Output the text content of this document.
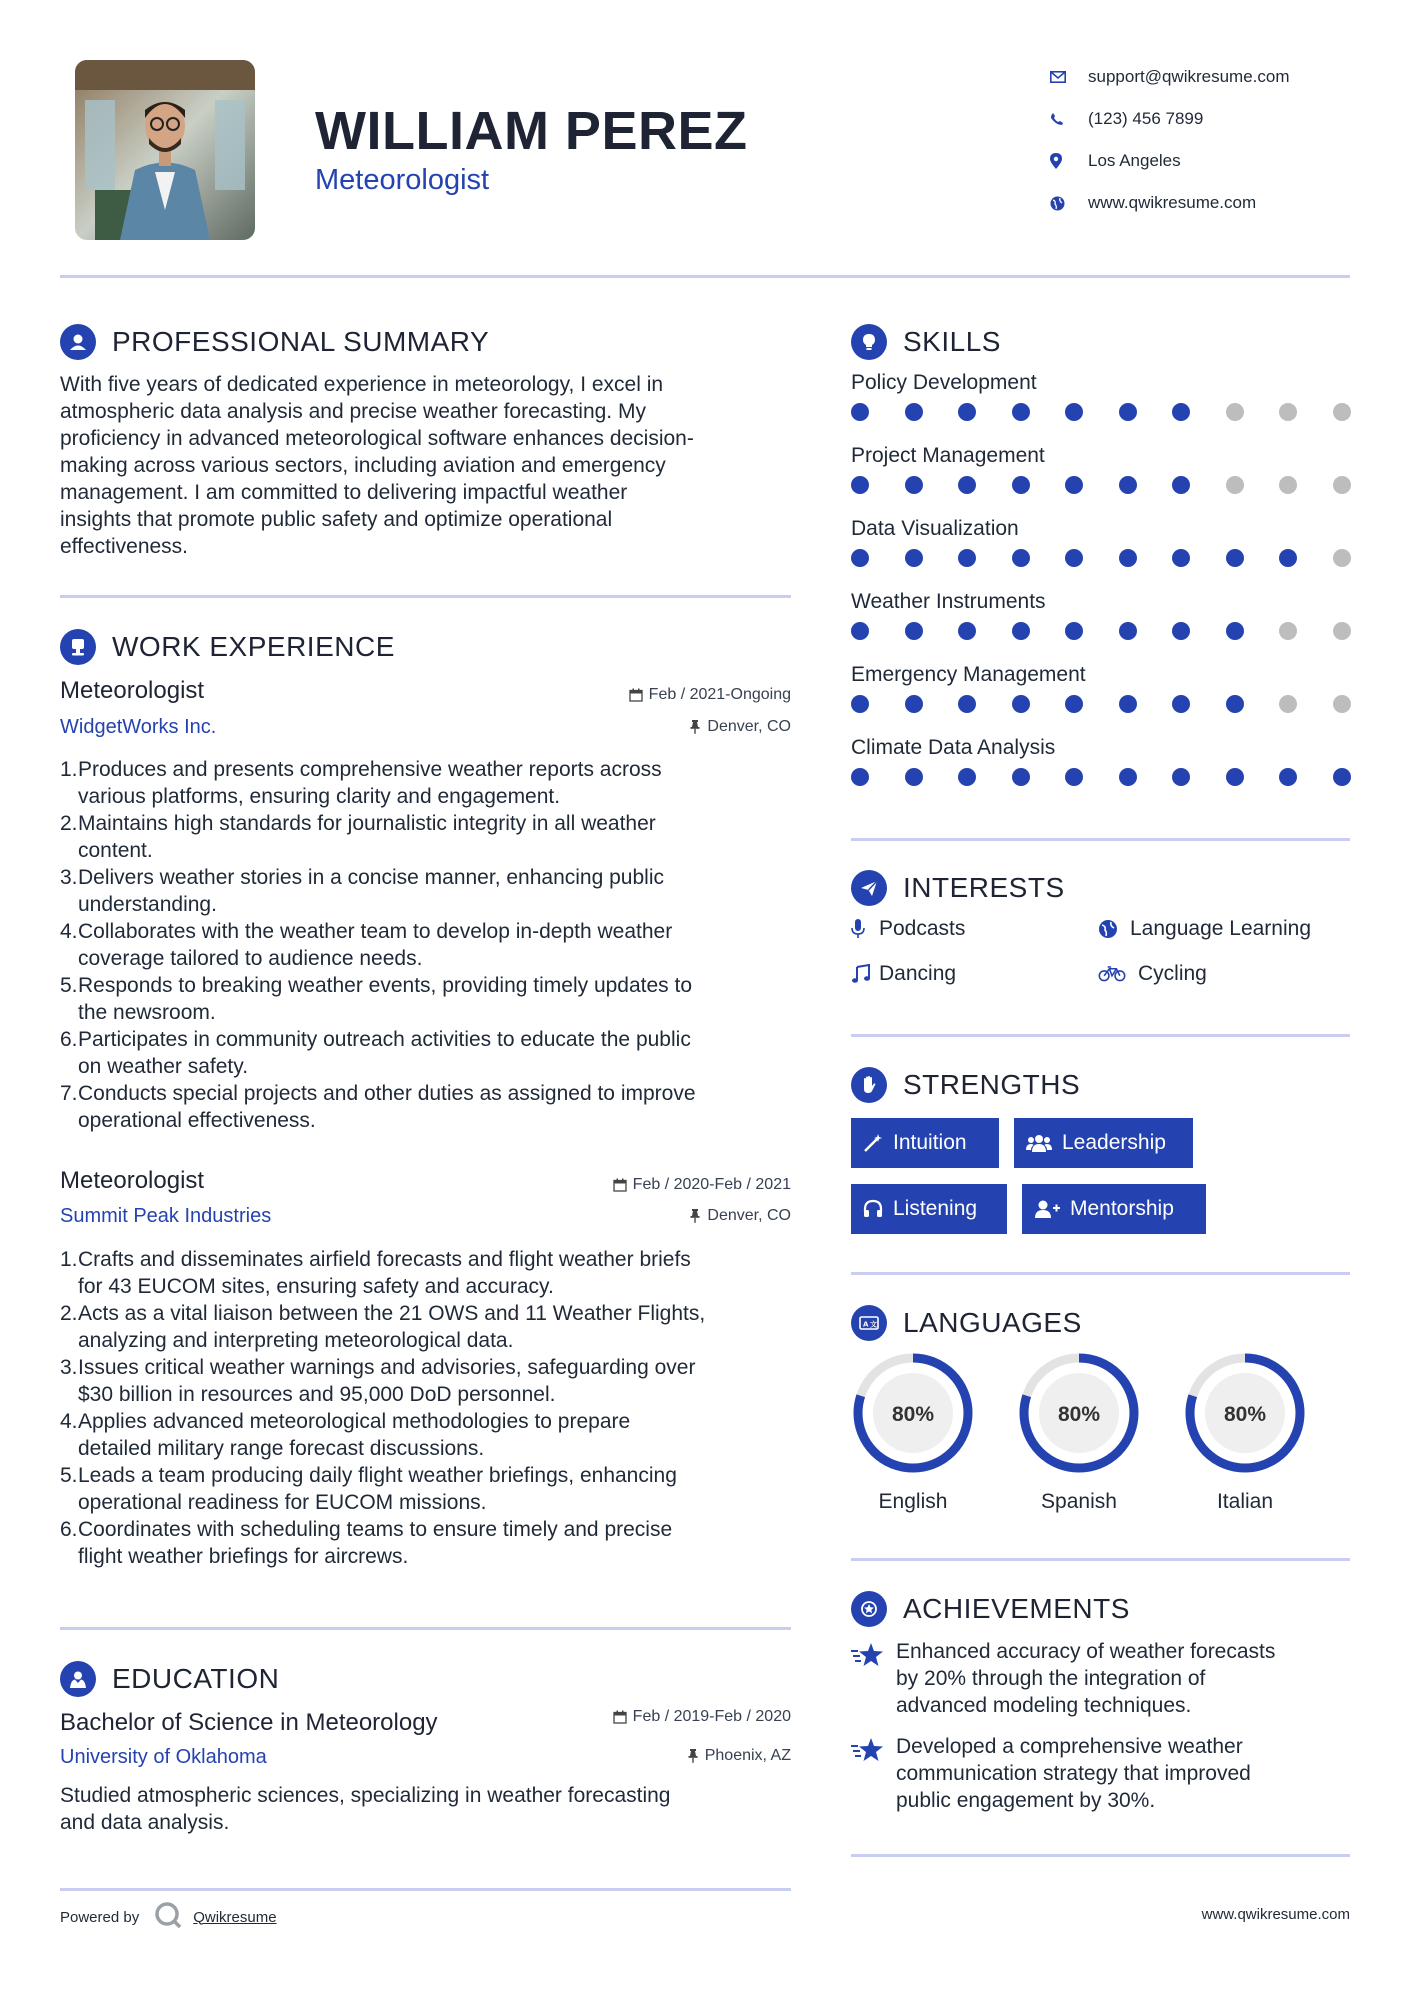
WILLIAM PEREZ
Meteorologist
support@qwikresume.com
(123) 456 7899
Los Angeles
www.qwikresume.com
PROFESSIONAL SUMMARY
With five years of dedicated experience in meteorology, I excel in
atmospheric data analysis and precise weather forecasting. My
proficiency in advanced meteorological software enhances decision-
making across various sectors, including aviation and emergency
management. I am committed to delivering impactful weather
insights that promote public safety and optimize operational
effectiveness.
WORK EXPERIENCE
Meteorologist	Feb / 2021-Ongoing
WidgetWorks Inc.	Denver, CO
1. Produces and presents comprehensive weather reports across
various platforms, ensuring clarity and engagement.
2. Maintains high standards for journalistic integrity in all weather
content.
3. Delivers weather stories in a concise manner, enhancing public
understanding.
4. Collaborates with the weather team to develop in-depth weather
coverage tailored to audience needs.
5. Responds to breaking weather events, providing timely updates to
the newsroom.
6. Participates in community outreach activities to educate the public
on weather safety.
7. Conducts special projects and other duties as assigned to improve
operational effectiveness.
Meteorologist	Feb / 2020-Feb / 2021
Summit Peak Industries	Denver, CO
1. Crafts and disseminates airfield forecasts and flight weather briefs
for 43 EUCOM sites, ensuring safety and accuracy.
2. Acts as a vital liaison between the 21 OWS and 11 Weather Flights,
analyzing and interpreting meteorological data.
3. Issues critical weather warnings and advisories, safeguarding over
$30 billion in resources and 95,000 DoD personnel.
4. Applies advanced meteorological methodologies to prepare
detailed military range forecast discussions.
5. Leads a team producing daily flight weather briefings, enhancing
operational readiness for EUCOM missions.
6. Coordinates with scheduling teams to ensure timely and precise
flight weather briefings for aircrews.
EDUCATION
Bachelor of Science in Meteorology	Feb / 2019-Feb / 2020
University of Oklahoma	Phoenix, AZ
Studied atmospheric sciences, specializing in weather forecasting
and data analysis.
SKILLS
Policy Development
Project Management
Data Visualization
Weather Instruments
Emergency Management
Climate Data Analysis
INTERESTS
Podcasts	Language Learning
Dancing	Cycling
STRENGTHS
Intuition	Leadership
Listening	Mentorship
A 文 LANGUAGES
80%
English
80%
Spanish
80%
Italian
ACHIEVEMENTS
Enhanced accuracy of weather forecasts
by 20% through the integration of
advanced modeling techniques.
Developed a comprehensive weather
communication strategy that improved
public engagement by 30%.
Powered by	Qwikresume	www.qwikresume.com
